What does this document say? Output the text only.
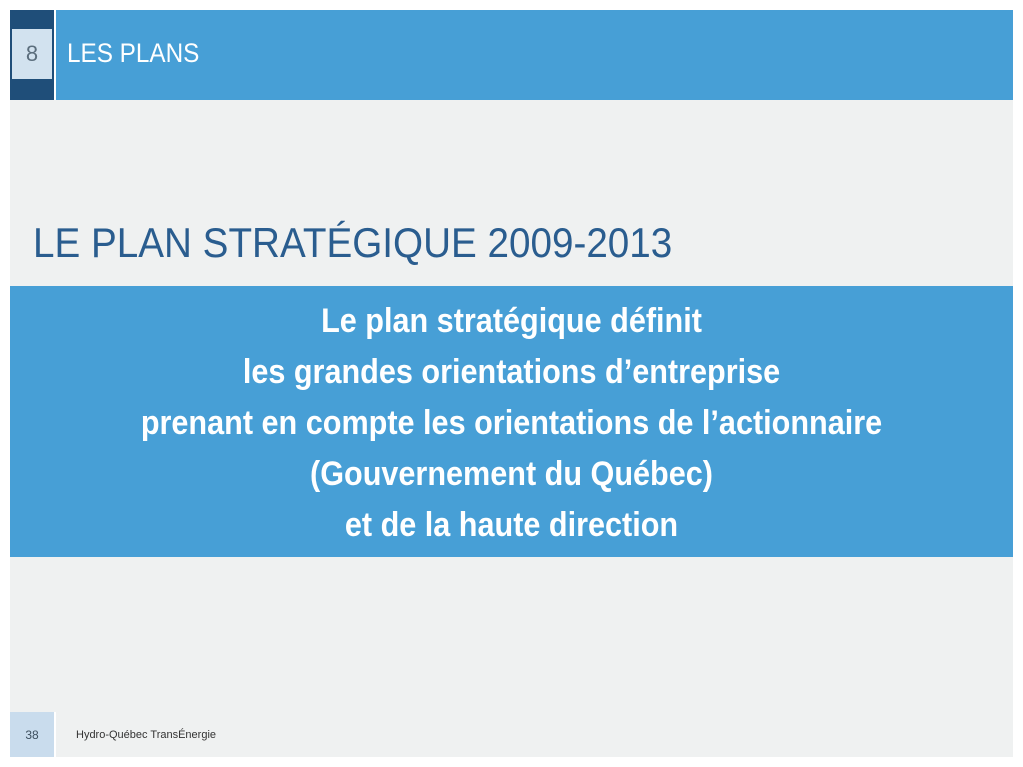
8	LES PLANS
LE PLAN STRATÉGIQUE 2009-2013
Le plan stratégique définit
les grandes orientations d’entreprise
prenant en compte les orientations de l’actionnaire
(Gouvernement du Québec)
et de la haute direction
38	Hydro-Québec TransÉnergie
